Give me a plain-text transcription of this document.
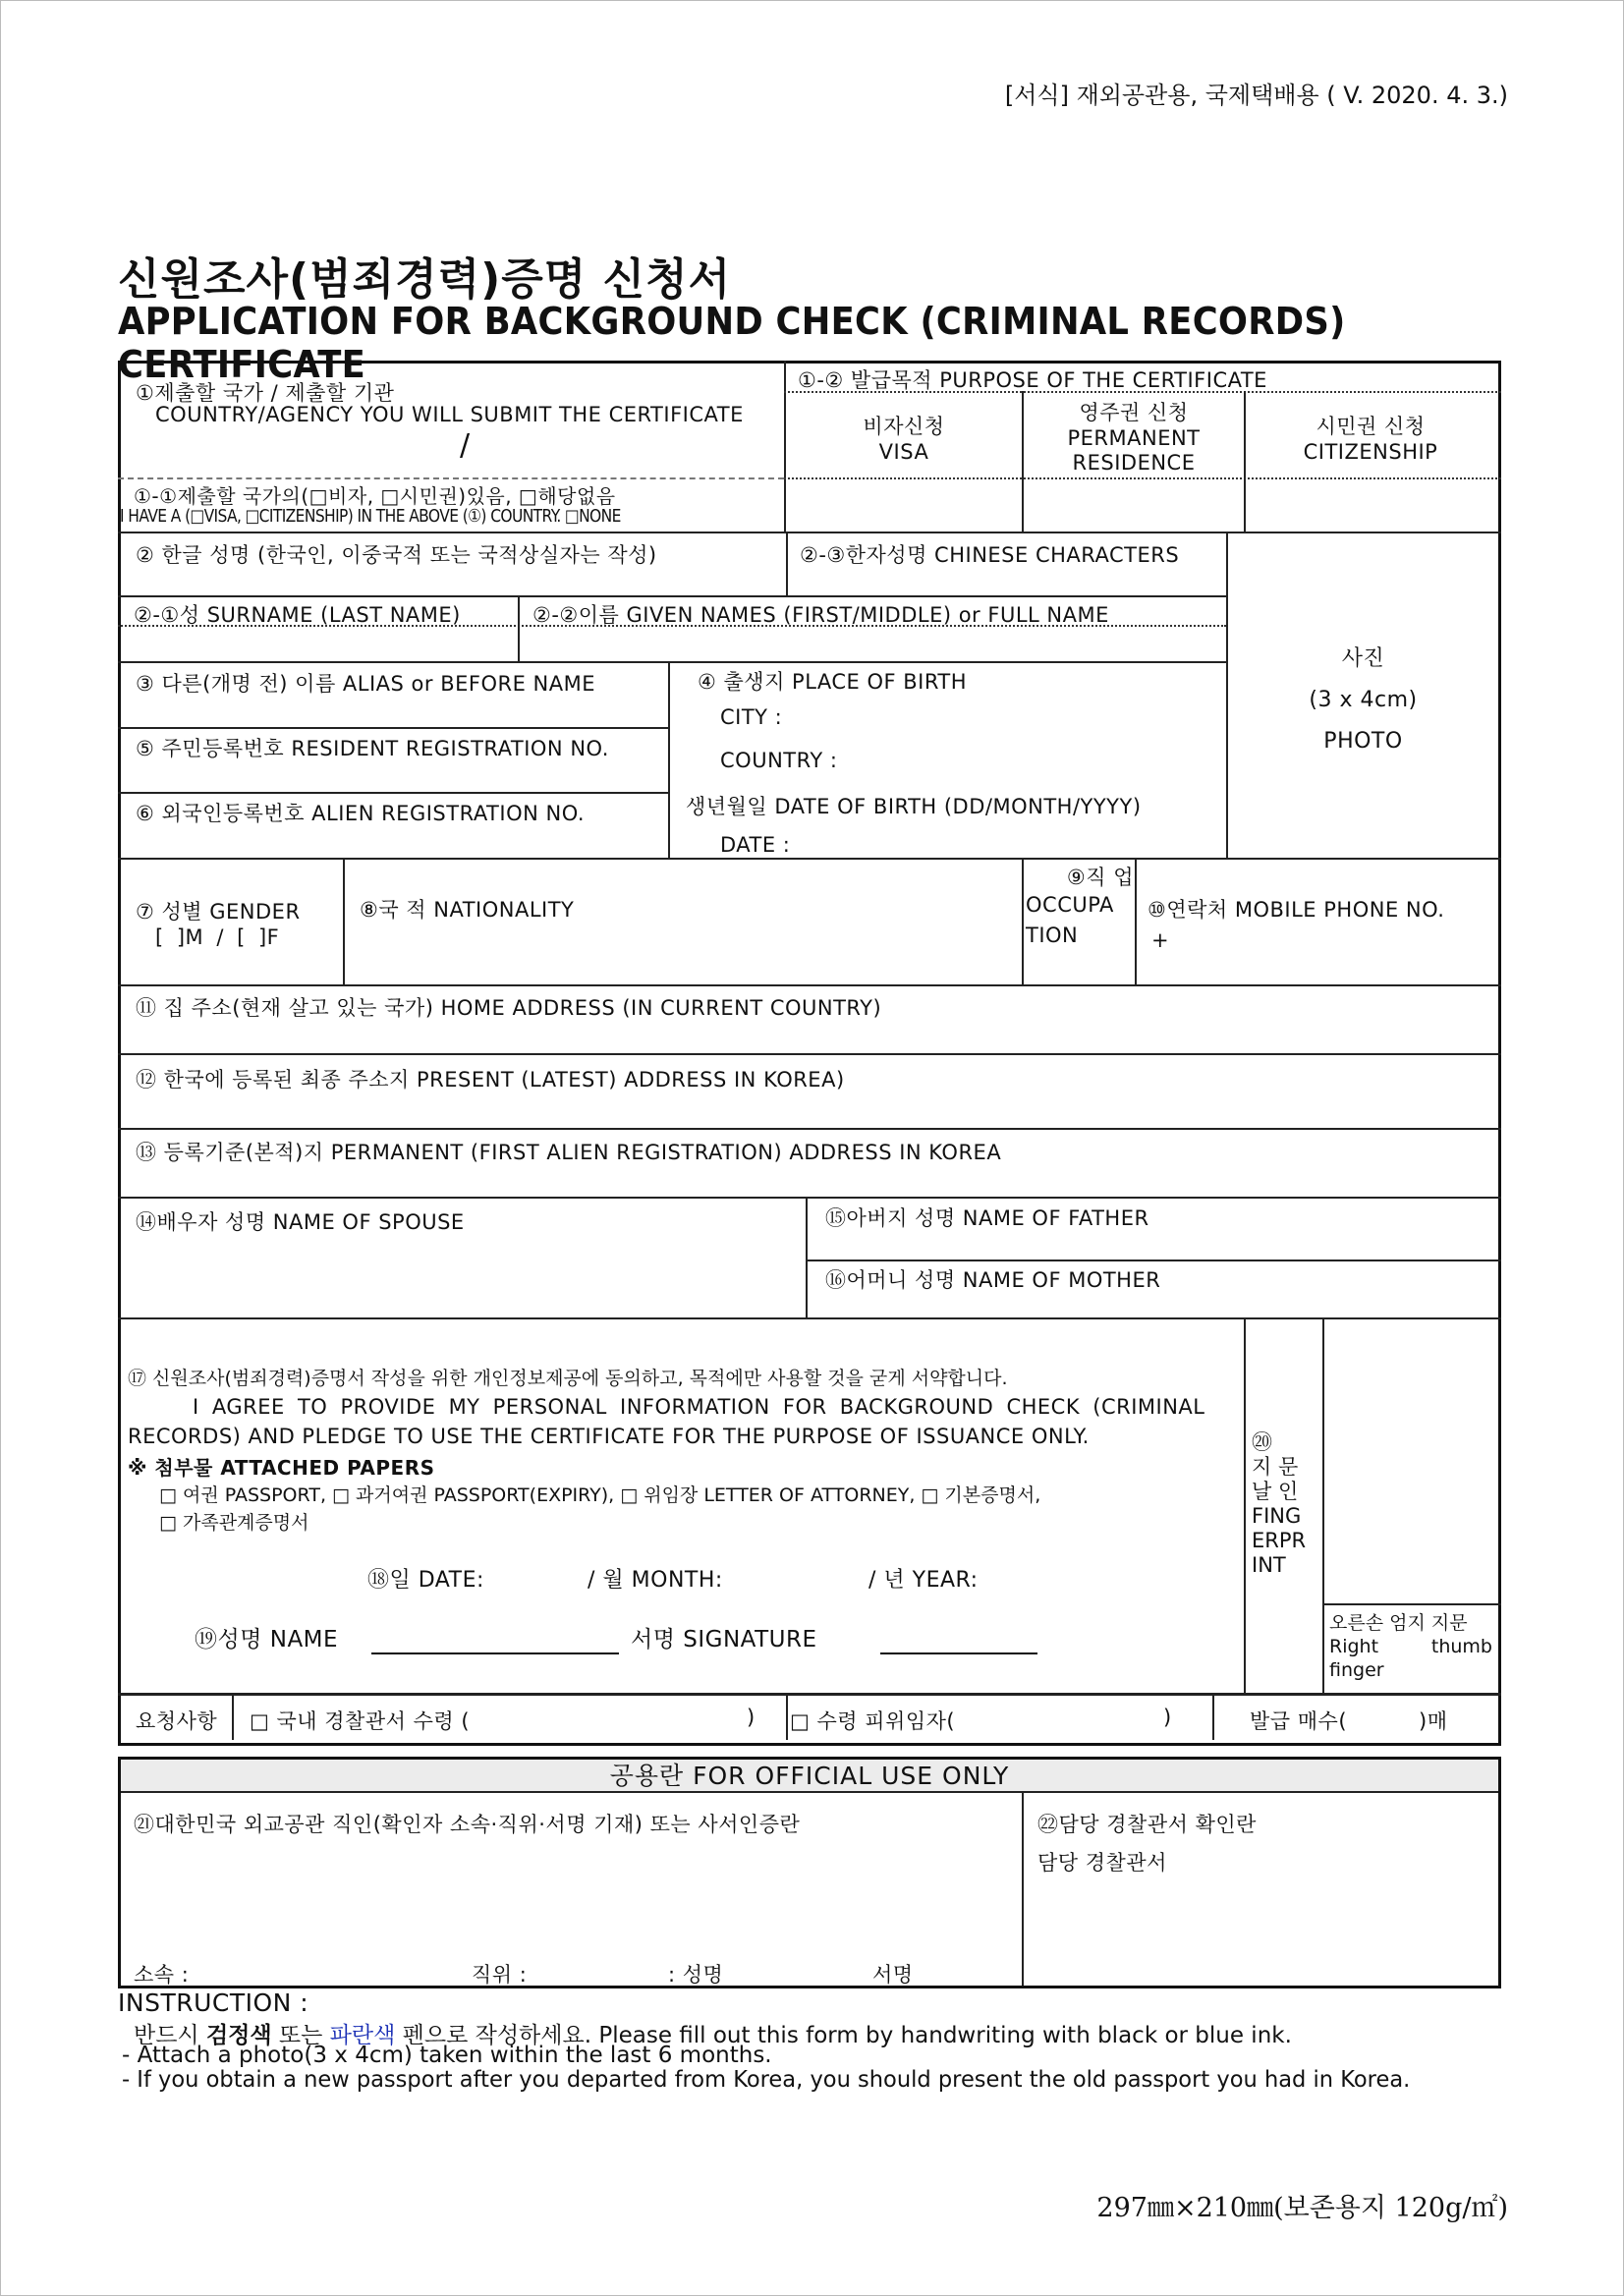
[서식] 재외공관용, 국제택배용 ( V. 2020. 4. 3.)
신원조사(범죄경력)증명 신청서
APPLICATION FOR BACKGROUND CHECK (CRIMINAL RECORDS) CERTIFICATE
①제출할 국가 / 제출할 기관
COUNTRY/AGENCY YOU WILL SUBMIT THE CERTIFICATE
/
①-①제출할 국가의(□비자, □시민권)있음, □해당없음
I HAVE A (□VISA, □CITIZENSHIP) IN THE ABOVE (①) COUNTRY. □NONE
①-② 발급목적 PURPOSE OF THE CERTIFICATE
비자신청
VISA
영주권 신청
PERMANENT RESIDENCE
시민권 신청
CITIZENSHIP
② 한글 성명 (한국인, 이중국적 또는 국적상실자는 작성)	②-③한자성명 CHINESE CHARACTERS
②-①성 SURNAME (LAST NAME)	②-②이름 GIVEN NAMES (FIRST/MIDDLE) or FULL NAME
사진
(3 x 4cm)
PHOTO
③ 다른(개명 전) 이름 ALIAS or BEFORE NAME	④ 출생지 PLACE OF BIRTH
CITY :
COUNTRY :
생년월일 DATE OF BIRTH (DD/MONTH/YYYY)
DATE :
⑤ 주민등록번호 RESIDENT REGISTRATION NO.
⑥ 외국인등록번호 ALIEN REGISTRATION NO.
⑦ 성별 GENDER
[ ]M / [ ]F
⑧국 적 NATIONALITY
⑨직 업
OCCUPA
TION
⑩연락처 MOBILE PHONE NO.
+
⑪ 집 주소(현재 살고 있는 국가) HOME ADDRESS (IN CURRENT COUNTRY)
⑫ 한국에 등록된 최종 주소지 PRESENT (LATEST) ADDRESS IN KOREA)
⑬ 등록기준(본적)지 PERMANENT (FIRST ALIEN REGISTRATION) ADDRESS IN KOREA
⑭배우자 성명 NAME OF SPOUSE	⑮아버지 성명 NAME OF FATHER
⑯어머니 성명 NAME OF MOTHER
⑰ 신원조사(범죄경력)증명서 작성을 위한 개인정보제공에 동의하고, 목적에만 사용할 것을 굳게 서약합니다.
I AGREE TO PROVIDE MY PERSONAL INFORMATION FOR BACKGROUND CHECK (CRIMINAL
RECORDS) AND PLEDGE TO USE THE CERTIFICATE FOR THE PURPOSE OF ISSUANCE ONLY.
※ 첨부물 ATTACHED PAPERS
□ 여권 PASSPORT, □ 과거여권 PASSPORT(EXPIRY), □ 위임장 LETTER OF ATTORNEY, □ 기본증명서,
□ 가족관계증명서
⑱일 DATE:	/ 월 MONTH:	/ 년 YEAR:
⑲성명 NAME	서명 SIGNATURE
⑳
지 문
날 인
FING
ERPR
INT
오른손 엄지 지문
Right thumb
finger
요청사항 □ 국내 경찰관서 수령 (	) □ 수령 피위임자(	)	발급 매수(	)매
공용란 FOR OFFICIAL USE ONLY
㉑대한민국 외교공관 직인(확인자 소속·직위·서명 기재) 또는 사서인증란	㉒담당 경찰관서 확인란
담당 경찰관서
소속 :	직위 :	: 성명	서명
INSTRUCTION :
반드시 검정색 또는 파란색 펜으로 작성하세요. Please fill out this form by handwriting with black or blue ink.
- Attach a photo(3 x 4cm) taken within the last 6 months.
- If you obtain a new passport after you departed from Korea, you should present the old passport you had in Korea.
297㎜×210㎜(보존용지 120g/㎡)
